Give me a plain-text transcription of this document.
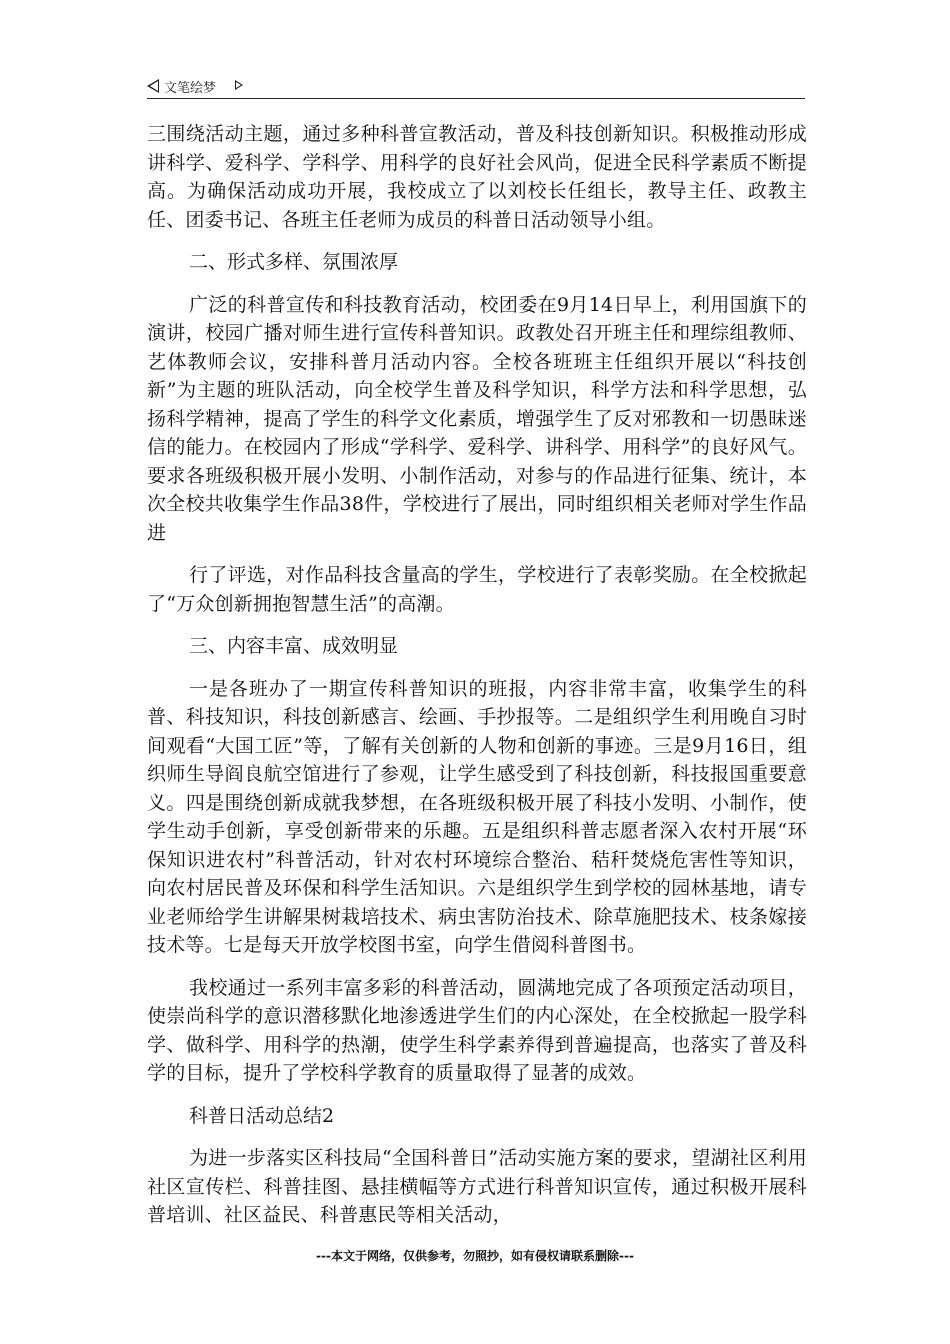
文笔绘梦

三围绕活动主题，通过多种科普宣教活动，普及科技创新知识。积极推动形成讲科学、爱科学、学科学、用科学的良好社会风尚，促进全民科学素质不断提高。为确保活动成功开展，我校成立了以刘校长任组长，教导主任、政教主任、团委书记、各班主任老师为成员的科普日活动领导小组。

二、形式多样、氛围浓厚

广泛的科普宣传和科技教育活动，校团委在9月14日早上，利用国旗下的演讲，校园广播对师生进行宣传科普知识。政教处召开班主任和理综组教师、艺体教师会议，安排科普月活动内容。全校各班班主任组织开展以“科技创新”为主题的班队活动，向全校学生普及科学知识，科学方法和科学思想，弘扬科学精神，提高了学生的科学文化素质，增强学生了反对邪教和一切愚昧迷信的能力。在校园内了形成“学科学、爱科学、讲科学、用科学”的良好风气。要求各班级积极开展小发明、小制作活动，对参与的作品进行征集、统计，本次全校共收集学生作品38件，学校进行了展出，同时组织相关老师对学生作品进

行了评选，对作品科技含量高的学生，学校进行了表彰奖励。在全校掀起了“万众创新拥抱智慧生活”的高潮。

三、内容丰富、成效明显

一是各班办了一期宣传科普知识的班报，内容非常丰富，收集学生的科普、科技知识，科技创新感言、绘画、手抄报等。二是组织学生利用晚自习时间观看“大国工匠”等，了解有关创新的人物和创新的事迹。三是9月16日，组织师生导阎良航空馆进行了参观，让学生感受到了科技创新，科技报国重要意义。四是围绕创新成就我梦想，在各班级积极开展了科技小发明、小制作，使学生动手创新，享受创新带来的乐趣。五是组织科普志愿者深入农村开展“环保知识进农村”科普活动，针对农村环境综合整治、秸秆焚烧危害性等知识，向农村居民普及环保和科学生活知识。六是组织学生到学校的园林基地，请专业老师给学生讲解果树栽培技术、病虫害防治技术、除草施肥技术、枝条嫁接技术等。七是每天开放学校图书室，向学生借阅科普图书。

我校通过一系列丰富多彩的科普活动，圆满地完成了各项预定活动项目，使崇尚科学的意识潜移默化地渗透进学生们的内心深处，在全校掀起一股学科学、做科学、用科学的热潮，使学生科学素养得到普遍提高，也落实了普及科学的目标，提升了学校科学教育的质量取得了显著的成效。

科普日活动总结2

为进一步落实区科技局“全国科普日”活动实施方案的要求，望湖社区利用社区宣传栏、科普挂图、悬挂横幅等方式进行科普知识宣传，通过积极开展科普培训、社区益民、科普惠民等相关活动，

---本文于网络，仅供参考，勿照抄，如有侵权请联系删除---
